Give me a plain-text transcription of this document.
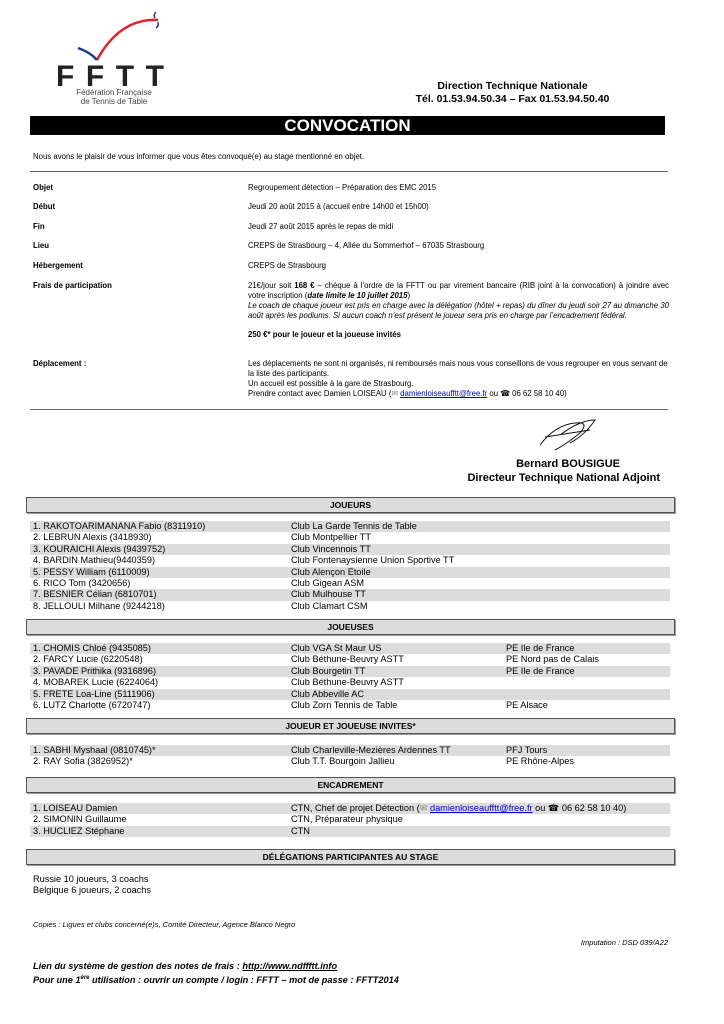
FFTT
Fédération Française
de Tennis de Table
Direction Technique Nationale
Tél. 01.53.94.50.34 – Fax 01.53.94.50.40
CONVOCATION
Nous avons le plaisir de vous informer que vous êtes convoqué(e) au stage mentionné en objet.
Objet	Regroupement détection – Préparation des EMC 2015
Début	Jeudi 20 août 2015 à (accueil entre 14h00 et 15h00)
Fin	Jeudi 27 août 2015 après le repas de midi
Lieu	CREPS de Strasbourg – 4, Allée du Sommerhof – 67035 Strasbourg
Hébergement	CREPS de Strasbourg
Frais de participation	21€/jour soit 168 € – chèque à l’ordre de la FFTT ou par virement bancaire (RIB joint à la convocation) à joindre avec votre inscription (date limite le 10 juillet 2015)
Le coach de chaque joueur est pris en charge avec la délégation (hôtel + repas) du dîner du jeudi soir 27 au dimanche 30 août après les podiums. Si aucun coach n’est présent le joueur sera pris en charge par l’encadrement fédéral.
250 €* pour le joueur et la joueuse invités
Déplacement :	Les déplacements ne sont ni organisés, ni remboursés mais nous vous conseillons de vous regrouper en vous servant de la liste des participants.
Un accueil est possible à la gare de Strasbourg.
Prendre contact avec Damien LOISEAU (✉ damienloiseaufftt@free.fr ou ☎ 06 62 58 10 40)
Bernard BOUSIGUE
Directeur Technique National Adjoint
JOUEURS
1. RAKOTOARIMANANA Fabio (8311910)	Club La Garde Tennis de Table
2. LEBRUN Alexis (3418930)	Club Montpellier TT
3. KOURAICHI Alexis (9439752)	Club Vincennois TT
4. BARDIN Mathieu(9440359)	Club Fontenaysienne Union Sportive TT
5. PESSY William (6110009)	Club Alençon Etoile
6. RICO Tom (3420656)	Club Gigean ASM
7. BESNIER Célian (6810701)	Club Mulhouse TT
8. JELLOULI Milhane (9244218)	Club Clamart CSM
JOUEUSES
1. CHOMIS Chloé (9435085)	Club VGA St Maur US	PE Ile de France
2. FARCY Lucie (6220548)	Club Béthune-Beuvry ASTT	PE Nord pas de Calais
3. PAVADE Prithika (9316896)	Club Bourgetin TT	PE Ile de France
4. MOBAREK Lucie (6224064)	Club Béthune-Beuvry ASTT
5. FRETE Loa-Line (5111906)	Club Abbeville AC
6. LUTZ Charlotte (6720747)	Club Zorn Tennis de Table	PE Alsace
JOUEUR ET JOUEUSE INVITES*
1. SABHI Myshaal (0810745)*	Club Charleville-Mezières Ardennes TT	PFJ Tours
2. RAY Sofia (3826952)*	Club T.T. Bourgoin Jallieu	PE Rhône-Alpes
ENCADREMENT
1. LOISEAU Damien	CTN, Chef de projet Détection (✉ damienloiseaufftt@free.fr ou ☎ 06 62 58 10 40)
2. SIMONIN Guillaume	CTN, Préparateur physique
3. HUCLIEZ Stéphane	CTN
DÉLÉGATIONS PARTICIPANTES AU STAGE
Russie 10 joueurs, 3 coachs
Belgique 6 joueurs, 2 coachs
Copies : Ligues et clubs concerné(e)s, Comité Directeur, Agence Blanco Negro
Imputation : DSD 039/A22
Lien du système de gestion des notes de frais : http://www.ndffftt.info
Pour une 1ère utilisation : ouvrir un compte / login : FFTT – mot de passe : FFTT2014
